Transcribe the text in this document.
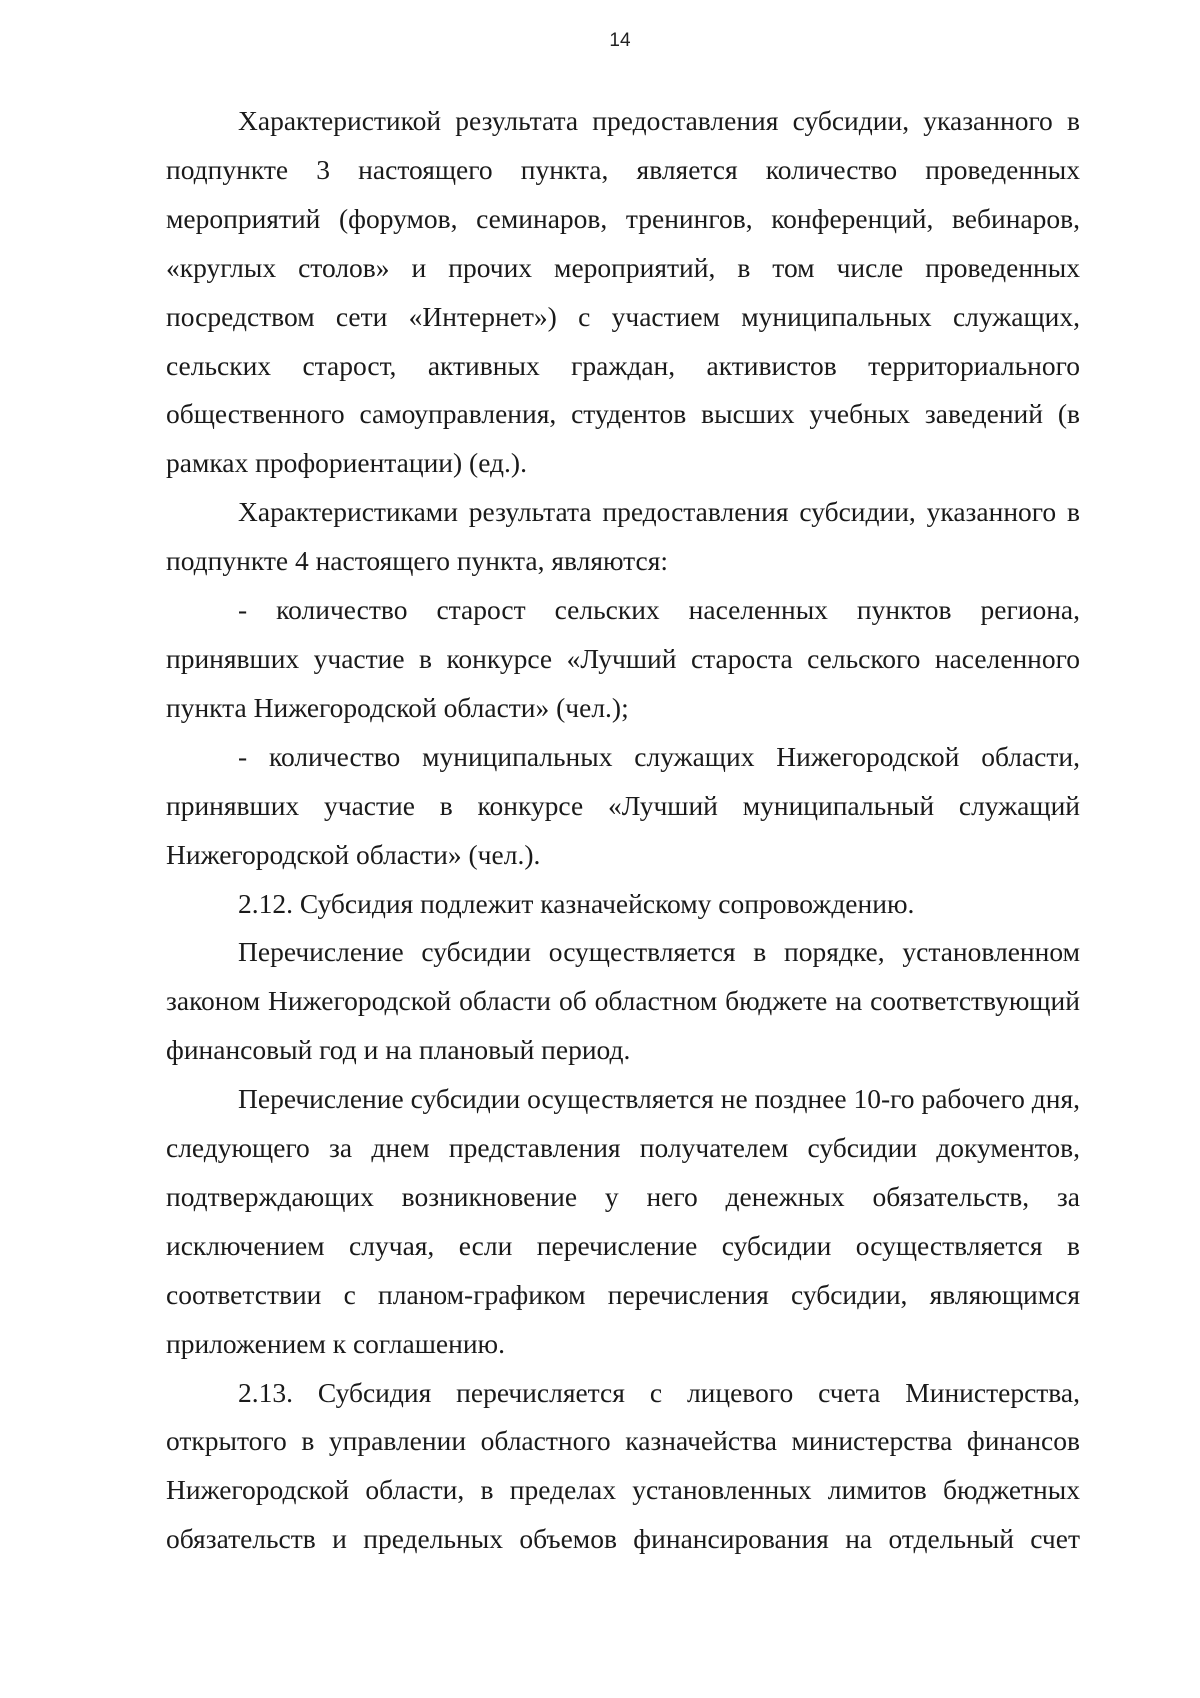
14

Характеристикой результата предоставления субсидии, указанного в подпункте 3 настоящего пункта, является количество проведенных мероприятий (форумов, семинаров, тренингов, конференций, вебинаров, «круглых столов» и прочих мероприятий, в том числе проведенных посредством сети «Интернет») с участием муниципальных служащих, сельских старост, активных граждан, активистов территориального общественного самоуправления, студентов высших учебных заведений (в рамках профориентации) (ед.).

Характеристиками результата предоставления субсидии, указанного в подпункте 4 настоящего пункта, являются:

- количество старост сельских населенных пунктов региона, принявших участие в конкурсе «Лучший староста сельского населенного пункта Нижегородской области» (чел.);

- количество муниципальных служащих Нижегородской области, принявших участие в конкурсе «Лучший муниципальный служащий Нижегородской области» (чел.).

2.12. Субсидия подлежит казначейскому сопровождению.

Перечисление субсидии осуществляется в порядке, установленном законом Нижегородской области об областном бюджете на соответствующий финансовый год и на плановый период.

Перечисление субсидии осуществляется не позднее 10-го рабочего дня, следующего за днем представления получателем субсидии документов, подтверждающих возникновение у него денежных обязательств, за исключением случая, если перечисление субсидии осуществляется в соответствии с планом-графиком перечисления субсидии, являющимся приложением к соглашению.

2.13. Субсидия перечисляется с лицевого счета Министерства, открытого в управлении областного казначейства министерства финансов Нижегородской области, в пределах установленных лимитов бюджетных обязательств и предельных объемов финансирования на отдельный счет
